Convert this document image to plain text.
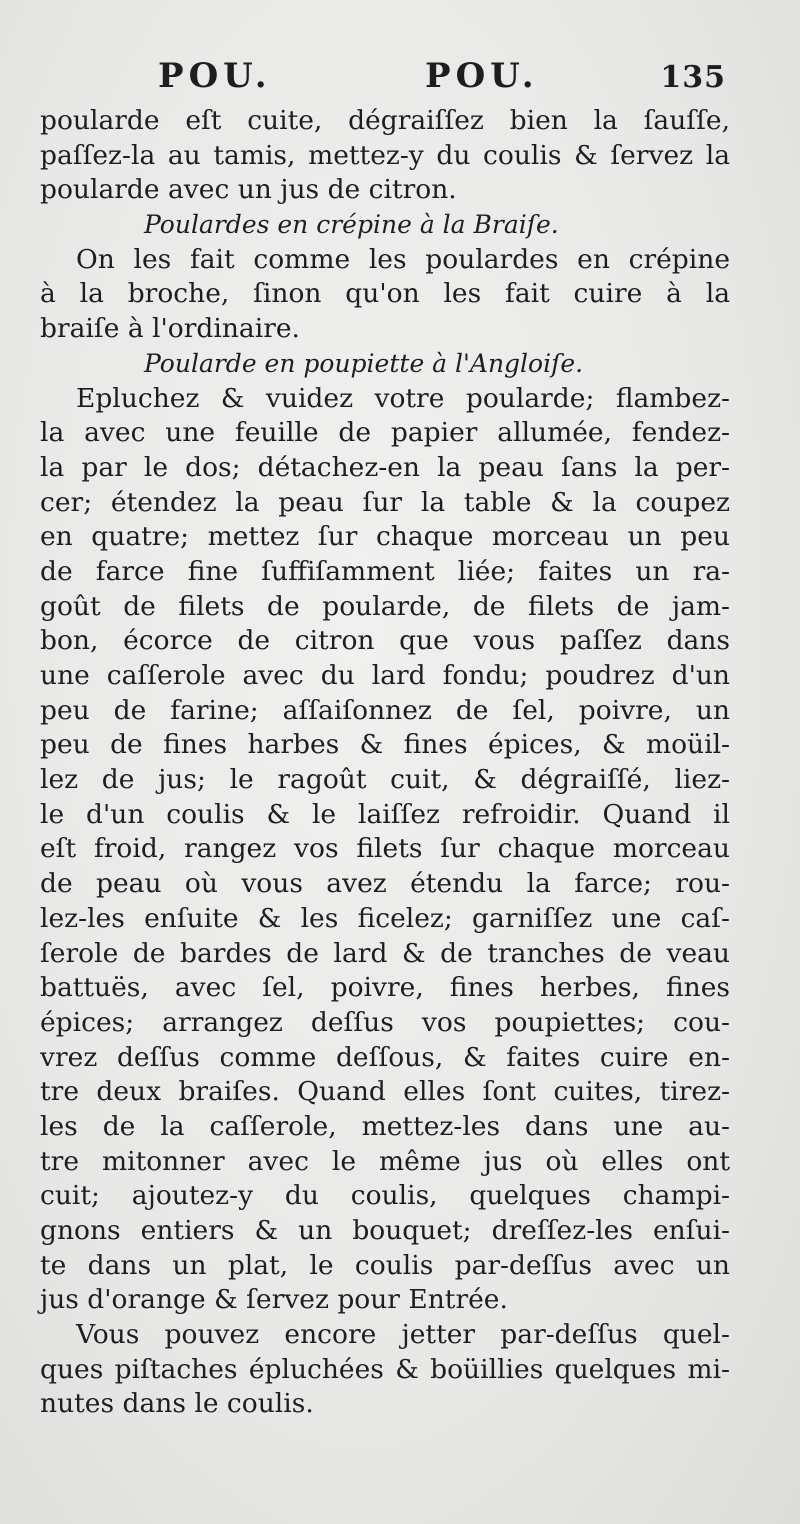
POU.	POU.	135
poularde eſt cuite, dégraiſſez bien la ſauſſe,
paſſez-la au tamis, mettez-y du coulis & ſervez la
poularde avec un jus de citron.
Poulardes en crépine à la Braiſe.
On les fait comme les poulardes en crépine
à la broche, ſinon qu'on les fait cuire à la
braiſe à l'ordinaire.
Poularde en poupiette à l'Angloiſe.
Epluchez & vuidez votre poularde; flambez-
la avec une feuille de papier allumée, fendez-
la par le dos; détachez-en la peau ſans la per-
cer; étendez la peau ſur la table & la coupez
en quatre; mettez ſur chaque morceau un peu
de farce fine ſuffiſamment liée; faites un ra-
goût de filets de poularde, de filets de jam-
bon, écorce de citron que vous paſſez dans
une caſſerole avec du lard fondu; poudrez d'un
peu de farine; aſſaiſonnez de ſel, poivre, un
peu de fines harbes & fines épices, & moüil-
lez de jus; le ragoût cuit, & dégraiſſé, liez-
le d'un coulis & le laiſſez refroidir. Quand il
eſt froid, rangez vos filets ſur chaque morceau
de peau où vous avez étendu la farce; rou-
lez-les enſuite & les ficelez; garniſſez une caſ-
ſerole de bardes de lard & de tranches de veau
battuës, avec ſel, poivre, fines herbes, fines
épices; arrangez deſſus vos poupiettes; cou-
vrez deſſus comme deſſous, & faites cuire en-
tre deux braiſes. Quand elles ſont cuites, tirez-
les de la caſſerole, mettez-les dans une au-
tre mitonner avec le même jus où elles ont
cuit; ajoutez-y du coulis, quelques champi-
gnons entiers & un bouquet; dreſſez-les enſui-
te dans un plat, le coulis par-deſſus avec un
jus d'orange & ſervez pour Entrée.
Vous pouvez encore jetter par-deſſus quel-
ques piſtaches épluchées & boüillies quelques mi-
nutes dans le coulis.
